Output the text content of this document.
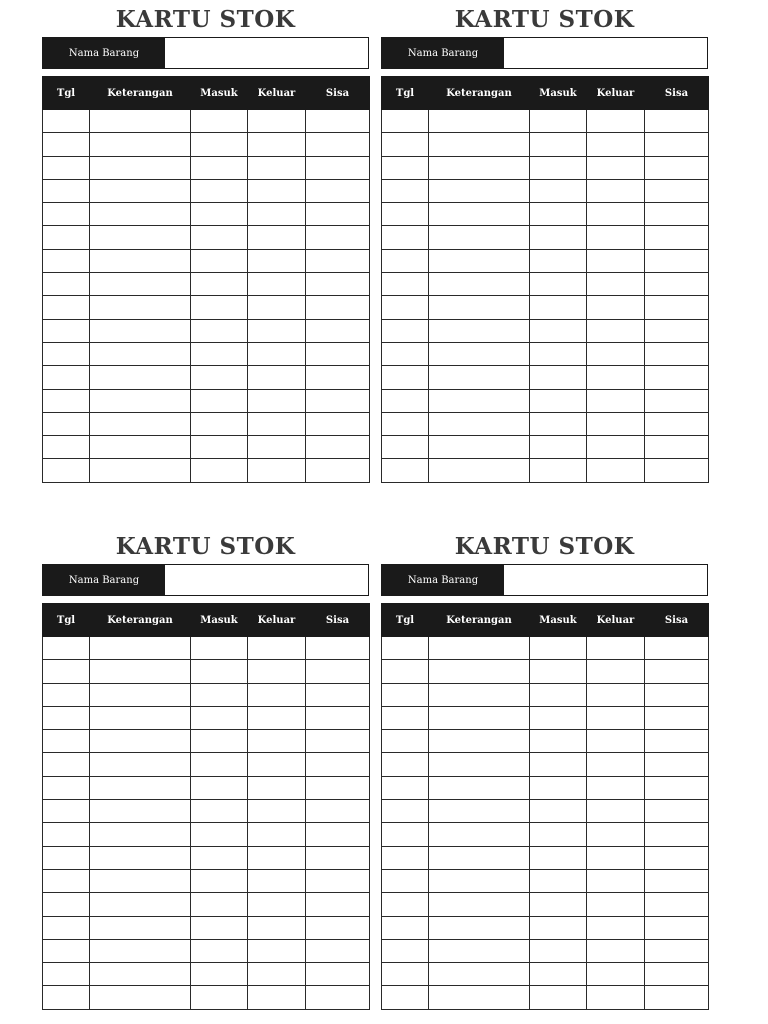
KARTU STOK
Nama Barang
Tgl	Keterangan	Masuk	Keluar	Sisa

KARTU STOK
Nama Barang
Tgl	Keterangan	Masuk	Keluar	Sisa

KARTU STOK
Nama Barang
Tgl	Keterangan	Masuk	Keluar	Sisa

KARTU STOK
Nama Barang
Tgl	Keterangan	Masuk	Keluar	Sisa
